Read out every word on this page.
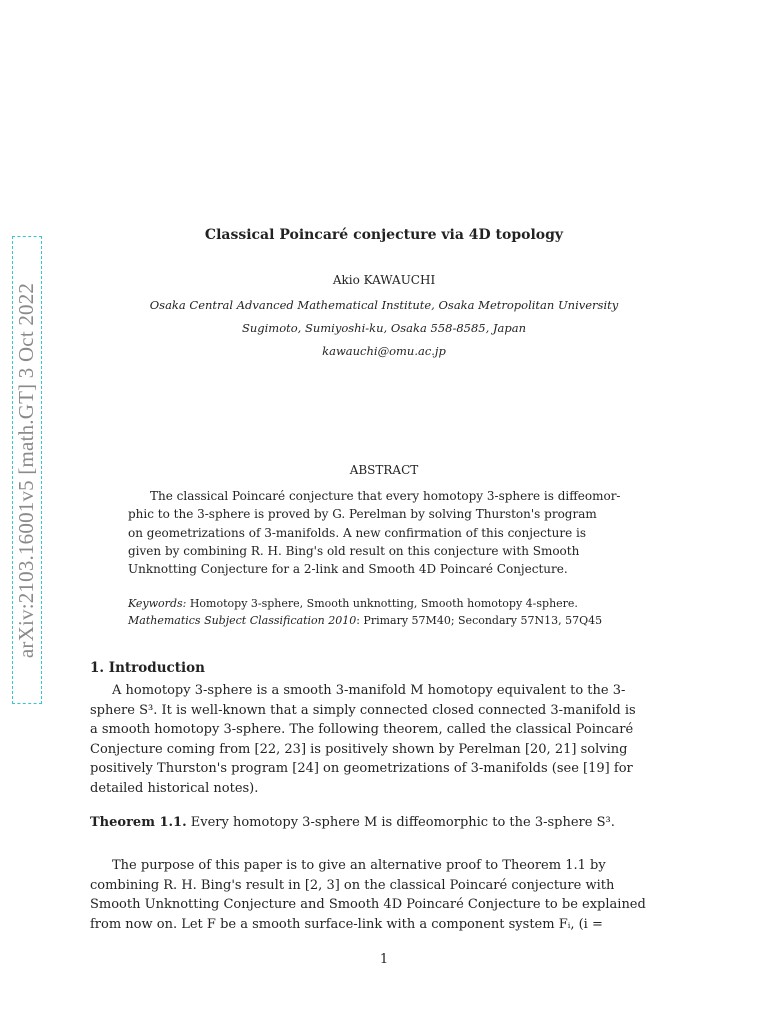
arXiv:2103.16001v5 [math.GT] 3 Oct 2022
Classical Poincaré conjecture via 4D topology
Akio KAWAUCHI
Osaka Central Advanced Mathematical Institute, Osaka Metropolitan University
Sugimoto, Sumiyoshi-ku, Osaka 558-8585, Japan
kawauchi@omu.ac.jp
ABSTRACT
The classical Poincaré conjecture that every homotopy 3-sphere is diffeomor-
phic to the 3-sphere is proved by G. Perelman by solving Thurston's program
on geometrizations of 3-manifolds. A new confirmation of this conjecture is
given by combining R. H. Bing's old result on this conjecture with Smooth
Unknotting Conjecture for a 2-link and Smooth 4D Poincaré Conjecture.
Keywords: Homotopy 3-sphere, Smooth unknotting, Smooth homotopy 4-sphere.
Mathematics Subject Classification 2010: Primary 57M40; Secondary 57N13, 57Q45
1. Introduction
A homotopy 3-sphere is a smooth 3-manifold M homotopy equivalent to the 3-
sphere S³. It is well-known that a simply connected closed connected 3-manifold is
a smooth homotopy 3-sphere. The following theorem, called the classical Poincaré
Conjecture coming from [22, 23] is positively shown by Perelman [20, 21] solving
positively Thurston's program [24] on geometrizations of 3-manifolds (see [19] for
detailed historical notes).
Theorem 1.1. Every homotopy 3-sphere M is diffeomorphic to the 3-sphere S³.
The purpose of this paper is to give an alternative proof to Theorem 1.1 by
combining R. H. Bing's result in [2, 3] on the classical Poincaré conjecture with
Smooth Unknotting Conjecture and Smooth 4D Poincaré Conjecture to be explained
from now on. Let F be a smooth surface-link with a component system Fᵢ, (i =
1
